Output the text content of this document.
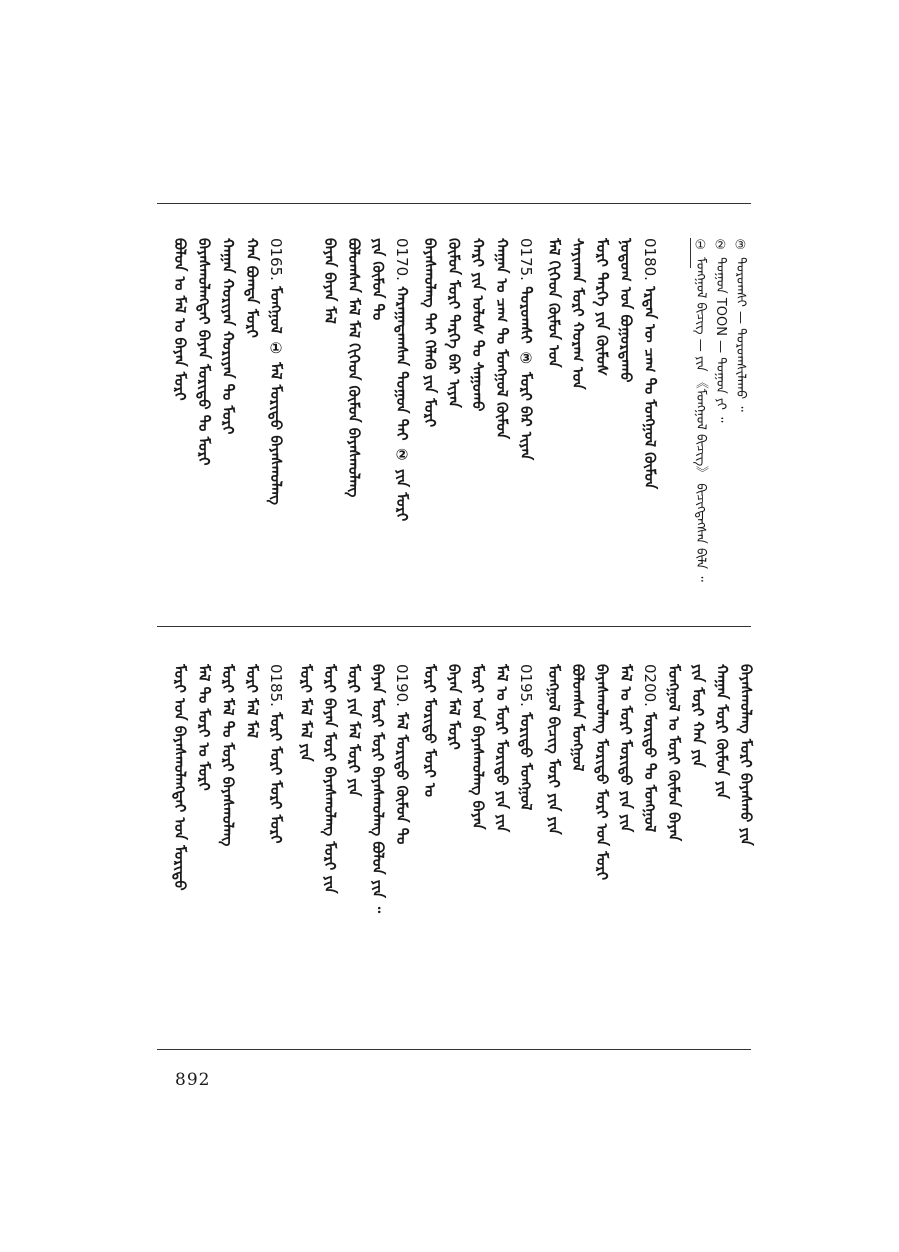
③ ᠳᠣᠷᠣᠭᠰᠢ — ᠳᠣᠷᠣᠭᠰᠢᠯᠠᠬᠤ ᠃
② ᠲᠣᠭᠣᠨ TOON — ᠲᠣᠭᠣᠨ ᠶᠢ ᠃
① ᠮᠣᠩᠭᠣᠯ ᠪᠢᠴᠢᠭ — ᠶᠢᠨ 《ᠮᠣᠩᠭᠣᠯ ᠪᠢᠴᠢᠭ》 ᠪᠢᠴᠢᠭᠳᠡᠭᠰᠡᠨ ᠪᠢᠯᠡ ᠃
0180. ᠡᠷᠲᠡᠨ ᠦ ᠴᠠᠭ ᠲᠤ ᠮᠣᠩᠭᠣᠯ ᠬᠦᠮᠦᠨ
ᠨᠤᠲᠤᠭ ᠤᠨ ᠪᠣᠭᠣᠷᠳᠠᠬᠤ
ᠮᠣᠷᠢ ᠲᠡᠷᠭᠡ ᠶᠢᠨ ᠬᠥᠮᠦᠰ
ᠰᠠᠶᠢᠬᠠᠨ ᠮᠣᠷᠢ ᠬᠤᠷᠠᠭ ᠤᠨ
ᠮᠠᠯ ᠬᠢᠭᠡᠳ ᠬᠦᠮᠦᠨ ᠤᠨ
0175. ᠳᠣᠷᠣᠭᠰᠢ ③ ᠮᠣᠷᠢ ᠪᠡᠷ ᠢᠶᠡᠨ
ᠬᠠᠭᠠᠨ ᠤ ᠴᠠᠭ ᠲᠤ ᠮᠣᠩᠭᠣᠯ ᠬᠦᠮᠦᠨ
ᠬᠠᠷᠢ ᠶᠢᠨ ᠤᠯᠤᠰ ᠲᠤ ᠰᠠᠭᠤᠬᠤ
ᠬᠦᠮᠦᠨ ᠮᠣᠷᠢ ᠲᠡᠷᠭᠡ ᠪᠡᠷ ᠢᠶᠡᠨ
ᠪᠠᠶᠠᠰᠬᠤᠯᠠᠩ ᠲᠠᠢ ᠬᠡᠯᠡᠬᠦ ᠶᠢᠨ ᠮᠣᠷᠢ
0170. ᠬᠠᠷᠠᠭᠠᠳᠠᠭᠰᠠᠨ ᠲᠣᠭᠣᠨ ᠲᠠᠢ ② ᠶᠢᠨ ᠮᠣᠷᠢ
ᠶᠢᠨ ᠬᠦᠮᠦᠨ ᠲᠤ
ᠪᠣᠯᠤᠭᠰᠠᠨ ᠮᠠᠯ ᠮᠠᠯ ᠬᠢᠭᠡᠳ ᠬᠦᠮᠦᠨ ᠪᠠᠶᠠᠰᠬᠤᠯᠠᠩ
ᠪᠠᠶᠠᠨ ᠪᠠᠶᠠᠨ ᠮᠠᠯ
0165. ᠮᠣᠩᠭᠣᠯ ① ᠮᠠᠯ ᠮᠣᠷᠢᠲᠤ ᠪᠠᠶᠠᠰᠬᠤᠯᠠᠩ
ᠬᠠᠨ ᠪᠣᠭᠳᠠ ᠮᠣᠷᠢ
ᠬᠠᠭᠠᠨ ᠬᠣᠷᠢᠶᠠᠨ ᠬᠣᠷᠢᠶᠠᠨ ᠲᠤ ᠮᠣᠷᠢ
ᠪᠠᠶᠠᠰᠬᠤᠯᠠᠩᠲᠠᠢ ᠪᠠᠶᠠᠨ ᠮᠣᠷᠢᠲᠤ ᠲᠤ ᠮᠣᠷᠢ
ᠪᠣᠯᠤᠨ ᠤ ᠮᠠᠯ ᠤ ᠪᠠᠶᠠᠨ ᠮᠣᠷᠢ
ᠪᠠᠶᠠᠰᠬᠤᠯᠠᠩ ᠮᠣᠷᠢ ᠪᠠᠶᠠᠰᠬᠤ ᠶᠢᠨ
ᠬᠠᠭᠠᠨ ᠮᠣᠷᠢ ᠬᠦᠮᠦᠨ ᠶᠢᠨ
ᠶᠢᠨ ᠮᠣᠷᠢ ᠬᠠᠨ ᠶᠢᠨ
ᠮᠣᠩᠭᠣᠯ ᠤ ᠮᠣᠷᠢ ᠬᠦᠮᠦᠨ ᠪᠠᠶᠠᠨ
0200. ᠮᠣᠷᠢᠲᠤ ᠲᠤ ᠮᠣᠩᠭᠣᠯ
ᠮᠠᠯ ᠤ ᠮᠣᠷᠢ ᠮᠣᠷᠢᠲᠤ ᠶᠢᠨ ᠶᠢᠨ
ᠪᠠᠶᠠᠰᠬᠤᠯᠠᠩ ᠮᠣᠷᠢᠲᠤ ᠮᠣᠷᠢ ᠤᠨ ᠮᠣᠷᠢ
ᠪᠣᠯᠤᠭᠰᠠᠨ ᠮᠣᠩᠭᠣᠯ
ᠮᠣᠩᠭᠣᠯ ᠪᠢᠴᠢᠭ ᠮᠣᠷᠢ ᠶᠢᠨ ᠶᠢᠨ
0195. ᠮᠣᠷᠢᠲᠤ ᠮᠣᠩᠭᠣᠯ
ᠮᠠᠯ ᠤ ᠮᠣᠷᠢ ᠮᠣᠷᠢᠲᠤ ᠶᠢᠨ ᠶᠢᠨ
ᠮᠣᠷᠢ ᠤᠨ ᠪᠠᠶᠠᠰᠬᠤᠯᠠᠩ ᠪᠠᠶᠠᠨ
ᠪᠠᠶᠠᠨ ᠮᠠᠯ ᠮᠣᠷᠢ
ᠮᠣᠷᠢ ᠮᠣᠷᠢᠲᠤ ᠮᠣᠷᠢ ᠤ
0190. ᠮᠠᠯ ᠮᠣᠷᠢᠲᠤ ᠬᠦᠮᠦᠨ ᠲᠤ
ᠪᠠᠶᠠᠨ ᠮᠣᠷᠢ ᠮᠣᠷᠢ ᠪᠠᠶᠠᠰᠬᠤᠯᠠᠩ ᠪᠣᠯᠤᠨ ᠶᠢᠨ ᠃
ᠮᠣᠷᠢ ᠶᠢᠨ ᠮᠠᠯ ᠮᠣᠷᠢ ᠶᠢᠨ
ᠮᠣᠷᠢ ᠪᠠᠶᠠᠨ ᠮᠣᠷᠢ ᠪᠠᠶᠠᠰᠬᠤᠯᠠᠩ ᠮᠣᠷᠢ ᠶᠢᠨ
ᠮᠣᠷᠢ ᠮᠠᠯ ᠮᠠᠯ ᠶᠢᠨ
0185. ᠮᠣᠷᠢ ᠮᠣᠷᠢ ᠮᠣᠷᠢ ᠮᠣᠷᠢ
ᠮᠣᠷᠢ ᠮᠠᠯ ᠮᠠᠯ
ᠮᠣᠷᠢ ᠮᠠᠯ ᠲᠤ ᠮᠣᠷᠢ ᠪᠠᠶᠠᠰᠬᠤᠯᠠᠩ
ᠮᠠᠯ ᠲᠤ ᠮᠣᠷᠢ ᠤ ᠮᠣᠷᠢ
ᠮᠣᠷᠢ ᠤᠨ ᠪᠠᠶᠠᠰᠬᠤᠯᠠᠩᠲᠠᠢ ᠤᠨ ᠮᠣᠷᠢᠲᠤ
892
